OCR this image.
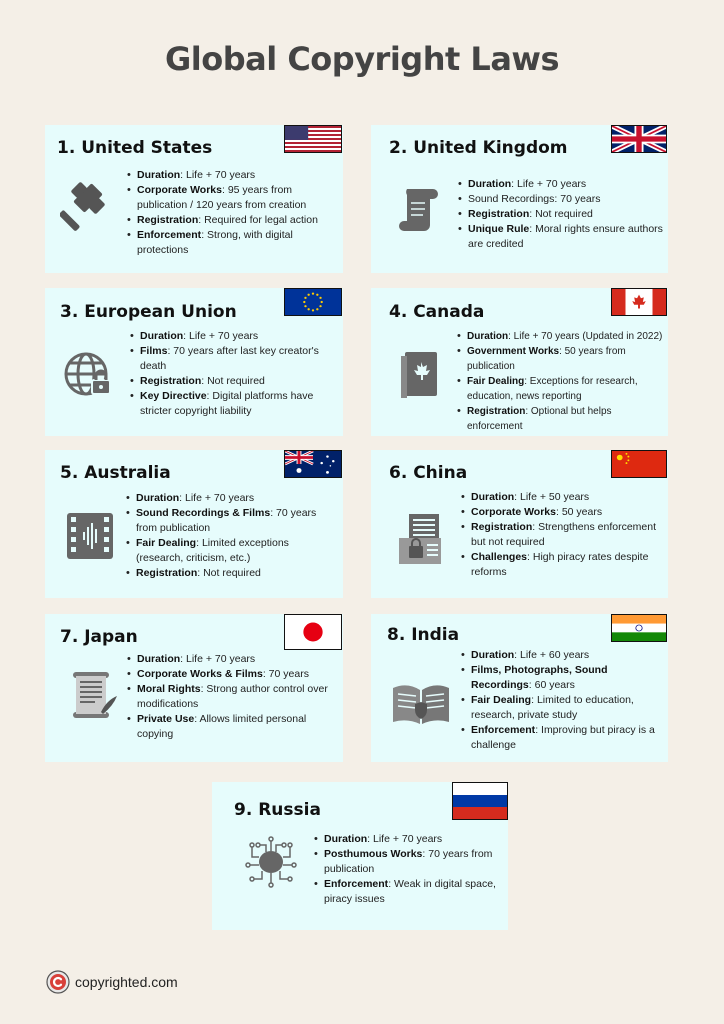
Global Copyright Laws
1. United States
• Duration: Life + 70 years
• Corporate Works: 95 years from publication / 120 years from creation
• Registration: Required for legal action
• Enforcement: Strong, with digital protections
2. United Kingdom
• Duration: Life + 70 years
• Sound Recordings: 70 years
• Registration: Not required
• Unique Rule: Moral rights ensure authors are credited
3. European Union
• Duration: Life + 70 years
• Films: 70 years after last key creator's death
• Registration: Not required
• Key Directive: Digital platforms have stricter copyright liability
4. Canada
• Duration: Life + 70 years (Updated in 2022)
• Government Works: 50 years from publication
• Fair Dealing: Exceptions for research, education, news reporting
• Registration: Optional but helps enforcement
5. Australia
• Duration: Life + 70 years
• Sound Recordings & Films: 70 years from publication
• Fair Dealing: Limited exceptions (research, criticism, etc.)
• Registration: Not required
6. China
• Duration: Life + 50 years
• Corporate Works: 50 years
• Registration: Strengthens enforcement but not required
• Challenges: High piracy rates despite reforms
7. Japan
• Duration: Life + 70 years
• Corporate Works & Films: 70 years
• Moral Rights: Strong author control over modifications
• Private Use: Allows limited personal copying
8. India
• Duration: Life + 60 years
• Films, Photographs, Sound Recordings: 60 years
• Fair Dealing: Limited to education, research, private study
• Enforcement: Improving but piracy is a challenge
9. Russia
• Duration: Life + 70 years
• Posthumous Works: 70 years from publication
• Enforcement: Weak in digital space, piracy issues
copyrighted.com
